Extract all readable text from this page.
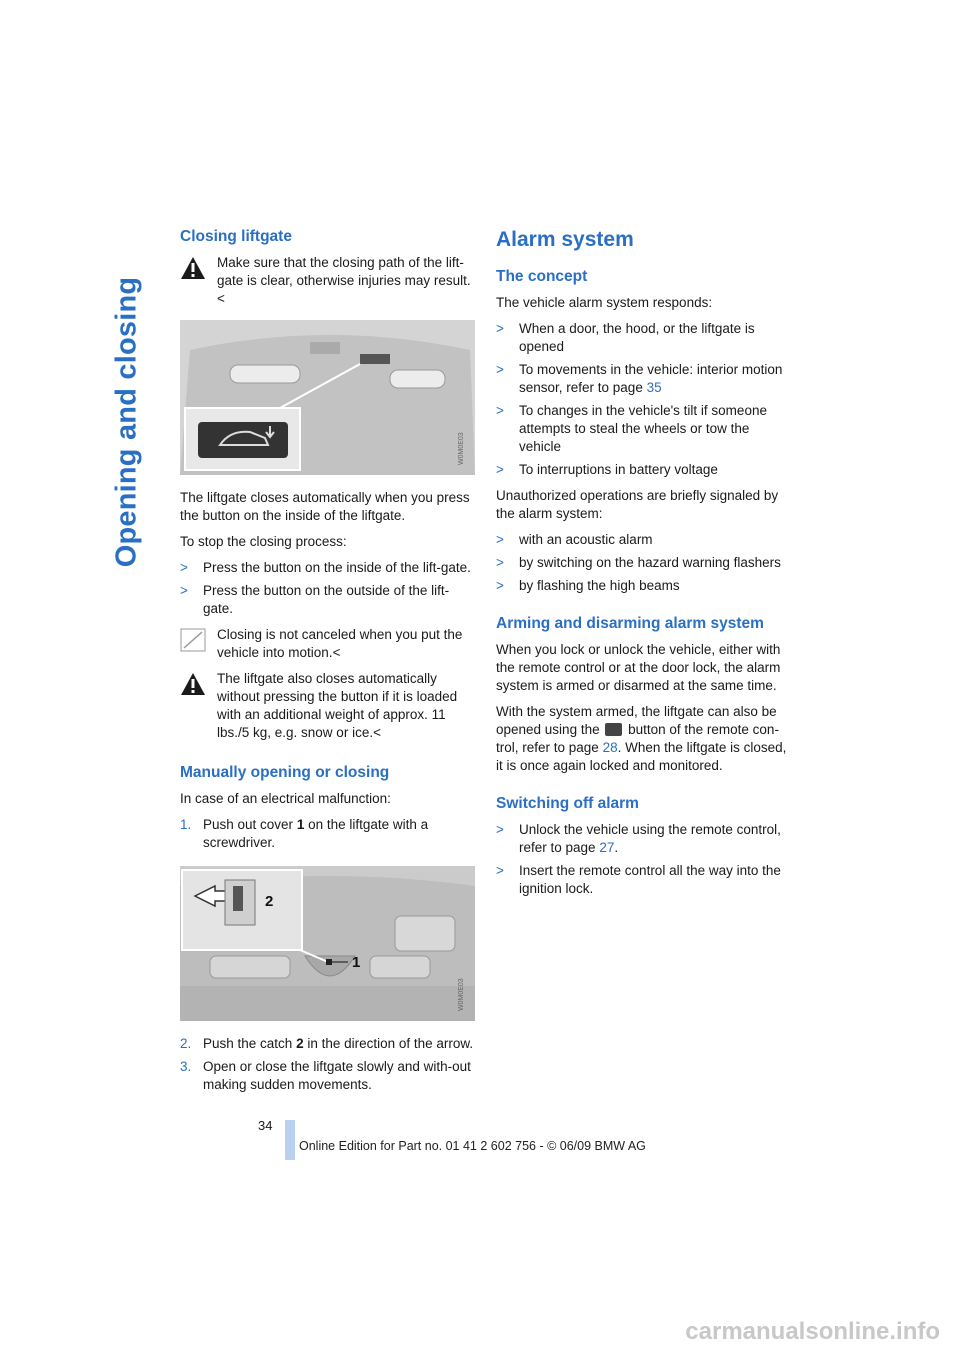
Opening and closing
Closing liftgate
Make sure that the closing path of the lift-gate is clear, otherwise injuries may result.<
W0M0E03

The liftgate closes automatically when you press the button on the inside of the liftgate.

To stop the closing process:

> Press the button on the inside of the lift-gate.
> Press the button on the outside of the lift-gate.
Closing is not canceled when you put the vehicle into motion.<
The liftgate also closes automatically without pressing the button if it is loaded with an additional weight of approx. 11 lbs./5 kg, e.g. snow or ice.<
Manually opening or closing

In case of an electrical malfunction:

1. Push out cover 1 on the liftgate with a screwdriver.
2
1
W0M0E03
2. Push the catch 2 in the direction of the arrow.
3. Open or close the liftgate slowly and with-out making sudden movements.
Alarm system
The concept

The vehicle alarm system responds:

> When a door, the hood, or the liftgate is opened
> To movements in the vehicle: interior motion sensor, refer to page 35
> To changes in the vehicle's tilt if someone attempts to steal the wheels or tow the vehicle
> To interruptions in battery voltage

Unauthorized operations are briefly signaled by the alarm system:

> with an acoustic alarm
> by switching on the hazard warning flashers
> by flashing the high beams
Arming and disarming alarm system

When you lock or unlock the vehicle, either with the remote control or at the door lock, the alarm system is armed or disarmed at the same time.

With the system armed, the liftgate can also be opened using the  button of the remote con-trol, refer to page 28. When the liftgate is closed, it is once again locked and monitored.

Switching off alarm
> Unlock the vehicle using the remote control, refer to page 27.
> Insert the remote control all the way into the ignition lock.
34
Online Edition for Part no. 01 41 2 602 756 - © 06/09 BMW AG
carmanualsonline.info
